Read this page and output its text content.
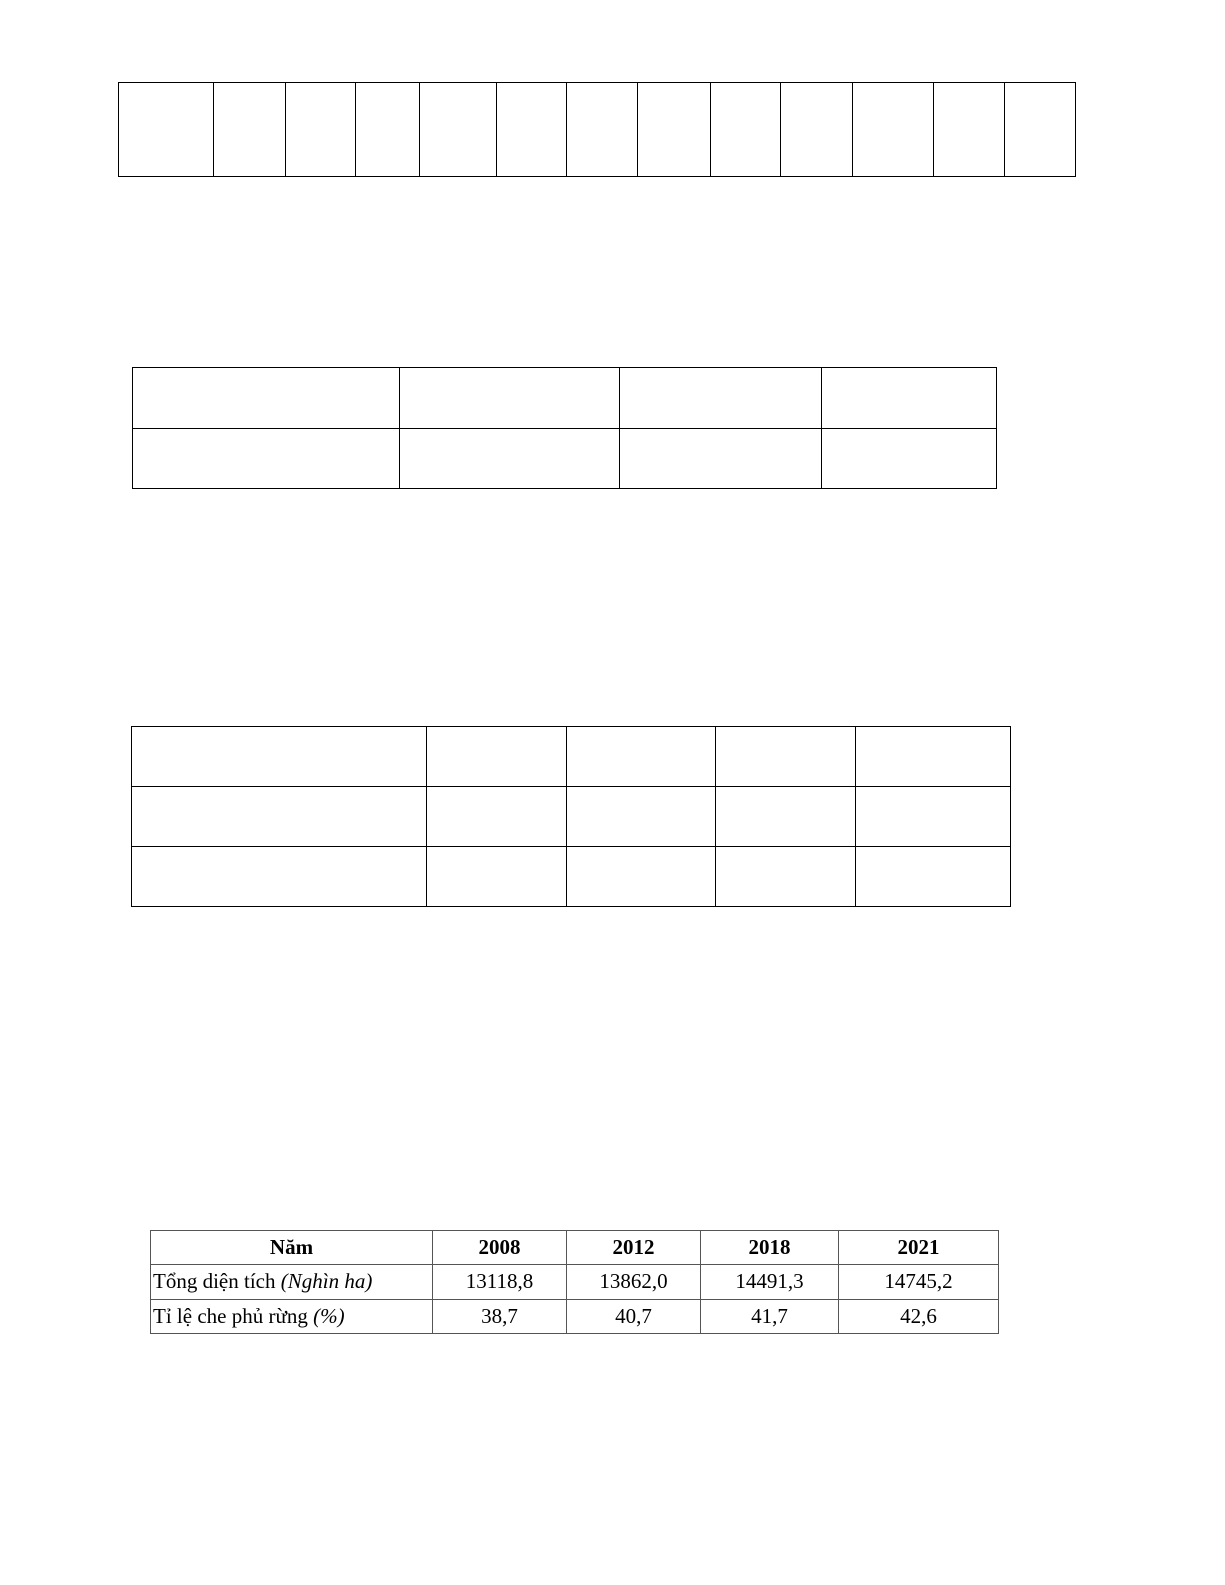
Năm	2008	2012	2018	2021
Tổng diện tích (Nghìn ha)	13118,8	13862,0	14491,3	14745,2
Tỉ lệ che phủ rừng (%)	38,7	40,7	41,7	42,6
